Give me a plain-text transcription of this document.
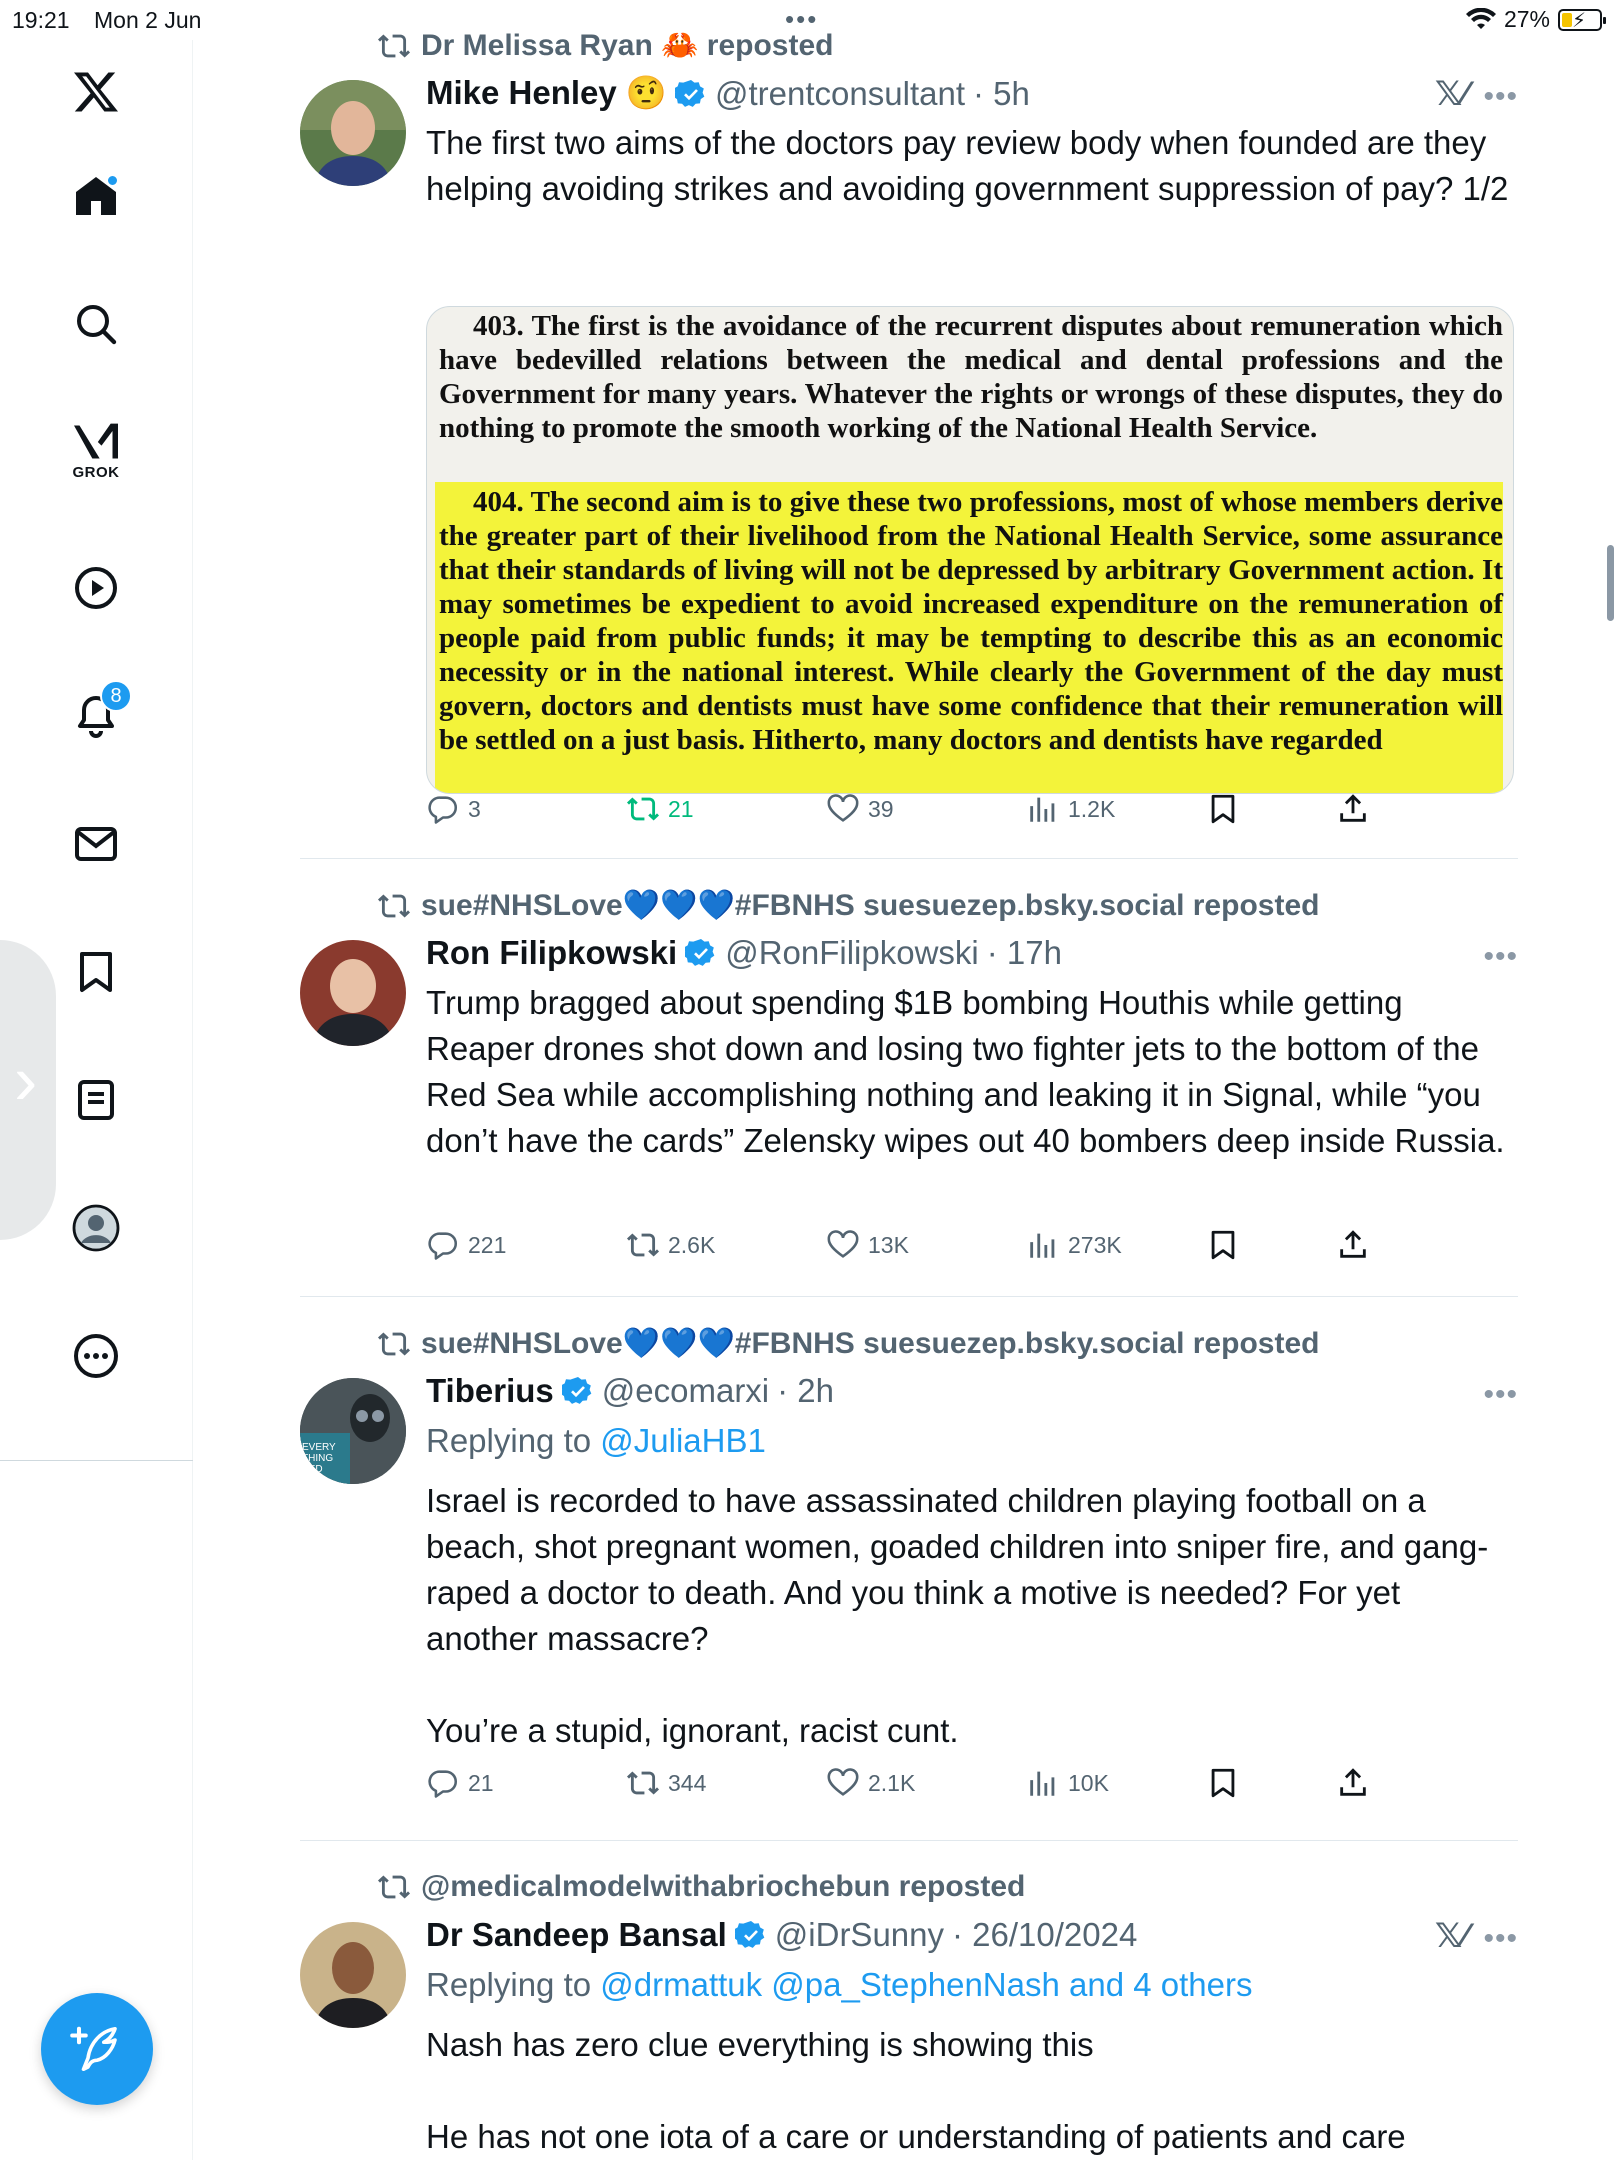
19:21 Mon 2 Jun	•••	27% ⚡
GROK
8
›
Dr Melissa Ryan 🦀 reposted
Mike Henley 🤨 @trentconsultant · 5h	𝕏⁄ •••
The first two aims of the doctors pay review body when founded are they helping avoiding strikes and avoiding government suppression of pay? 1/2
403. The first is the avoidance of the recurrent disputes about remuneration which have bedevilled relations between the medical and dental professions and the Government for many years. Whatever the rights or wrongs of these disputes, they do nothing to promote the smooth working of the National Health Service.
404. The second aim is to give these two professions, most of whose members derive the greater part of their livelihood from the National Health Service, some assurance that their standards of living will not be depressed by arbitrary Government action. It may sometimes be expedient to avoid increased expenditure on the remuneration of people paid from public funds; it may be tempting to describe this as an economic necessity or in the national interest. While clearly the Government of the day must govern, doctors and dentists must have some confidence that their remuneration will be settled on a just basis. Hitherto, many doctors and dentists have regarded
3	21	39	1.2K
sue#NHSLove💙💙💙#FBNHS suesuezep.bsky.social reposted
Ron Filipkowski @RonFilipkowski · 17h	•••
Trump bragged about spending $1B bombing Houthis while getting Reaper drones shot down and losing two fighter jets to the bottom of the Red Sea while accomplishing nothing and leaking it in Signal, while “you don’t have the cards” Zelensky wipes out 40 bombers deep inside Russia.
221	2.6K	13K	273K
sue#NHSLove💙💙💙#FBNHS suesuezep.bsky.social reposted
EVERY THING KED
Tiberius @ecomarxi · 2h	•••
Replying to @JuliaHB1
Israel is recorded to have assassinated children playing football on a beach, shot pregnant women, goaded children into sniper fire, and gang-raped a doctor to death. And you think a motive is needed? For yet another massacre?

You’re a stupid, ignorant, racist cunt.
21	344	2.1K	10K
@medicalmodelwithabriochebun reposted
Dr Sandeep Bansal @iDrSunny · 26/10/2024	𝕏⁄ •••
Replying to @drmattuk @pa_StephenNash and 4 others
Nash has zero clue everything is showing this

He has not one iota of a care or understanding of patients and care
